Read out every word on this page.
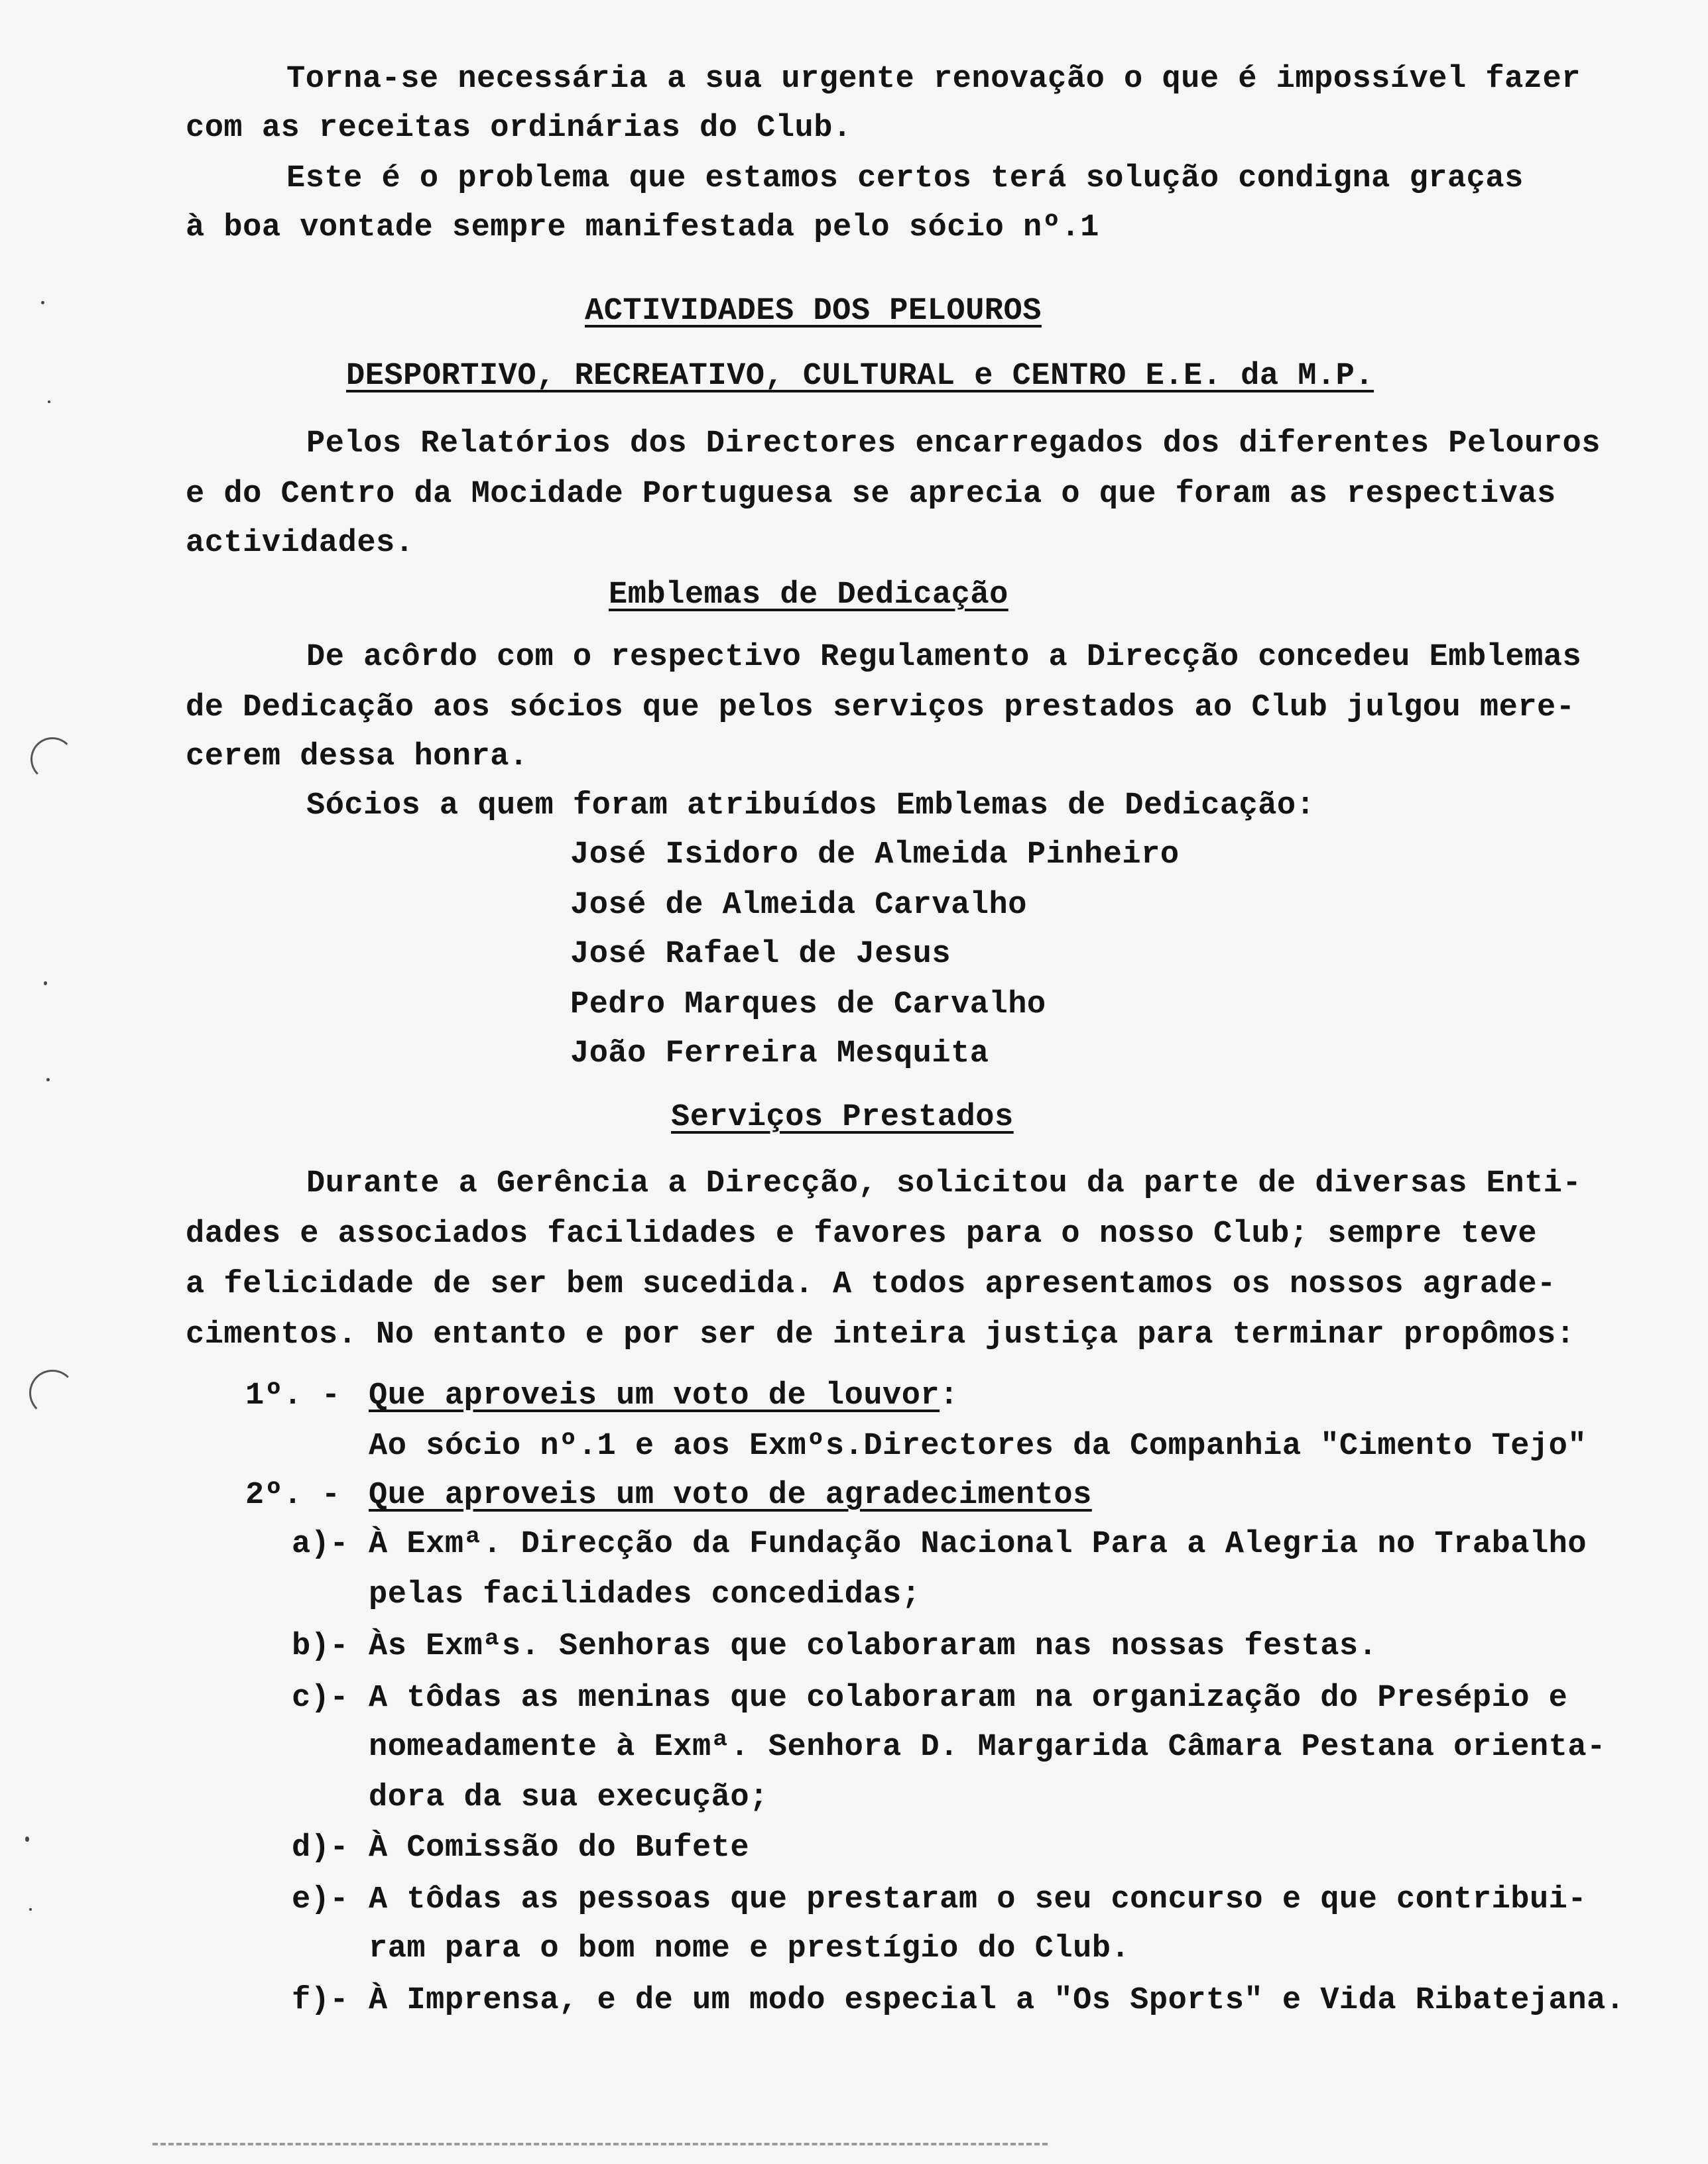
Torna-se necessária a sua urgente renovação o que é impossível fazer
com as receitas ordinárias do Club.
Este é o problema que estamos certos terá solução condigna graças
à boa vontade sempre manifestada pelo sócio nº.1
ACTIVIDADES DOS PELOUROS
DESPORTIVO, RECREATIVO, CULTURAL e CENTRO E.E. da M.P.
Pelos Relatórios dos Directores encarregados dos diferentes Pelouros
e do Centro da Mocidade Portuguesa se aprecia o que foram as respectivas
actividades.
Emblemas de Dedicação
De acôrdo com o respectivo Regulamento a Direcção concedeu Emblemas
de Dedicação aos sócios que pelos serviços prestados ao Club julgou mere-
cerem dessa honra.
Sócios a quem foram atribuídos Emblemas de Dedicação:
José Isidoro de Almeida Pinheiro
José de Almeida Carvalho
José Rafael de Jesus
Pedro Marques de Carvalho
João Ferreira Mesquita
Serviços Prestados
Durante a Gerência a Direcção, solicitou da parte de diversas Enti-
dades e associados facilidades e favores para o nosso Club; sempre teve
a felicidade de ser bem sucedida. A todos apresentamos os nossos agrade-
cimentos. No entanto e por ser de inteira justiça para terminar propômos:
1º. - Que aproveis um voto de louvor:
Ao sócio nº.1 e aos Exmºs.Directores da Companhia "Cimento Tejo"
2º. - Que aproveis um voto de agradecimentos
a)- À Exmª. Direcção da Fundação Nacional Para a Alegria no Trabalho
pelas facilidades concedidas;
b)- Às Exmªs. Senhoras que colaboraram nas nossas festas.
c)- A tôdas as meninas que colaboraram na organização do Presépio e
nomeadamente à Exmª. Senhora D. Margarida Câmara Pestana orienta-
dora da sua execução;
d)- À Comissão do Bufete
e)- A tôdas as pessoas que prestaram o seu concurso e que contribui-
ram para o bom nome e prestígio do Club.
f)- À Imprensa, e de um modo especial a "Os Sports" e Vida Ribatejana.
